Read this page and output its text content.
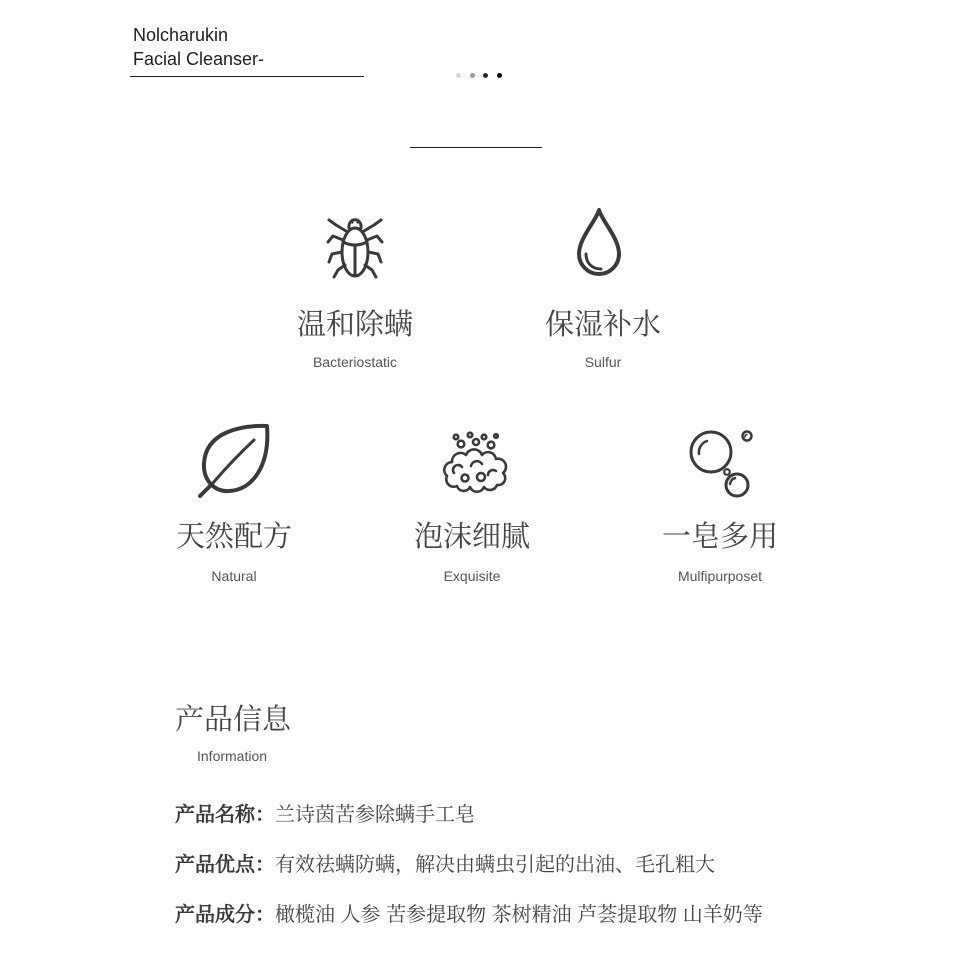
Nolcharukin
Facial Cleanser-
温和除螨
Bacteriostatic
保湿补水
Sulfur
天然配方
Natural
泡沫细腻
Exquisite
一皂多用
Mulfipurposet
产品信息
Information
产品名称：兰诗茵苦参除螨手工皂
产品优点：有效祛螨防螨，解决由螨虫引起的出油、毛孔粗大
产品成分：橄榄油 人参 苦参提取物 茶树精油 芦荟提取物 山羊奶等
